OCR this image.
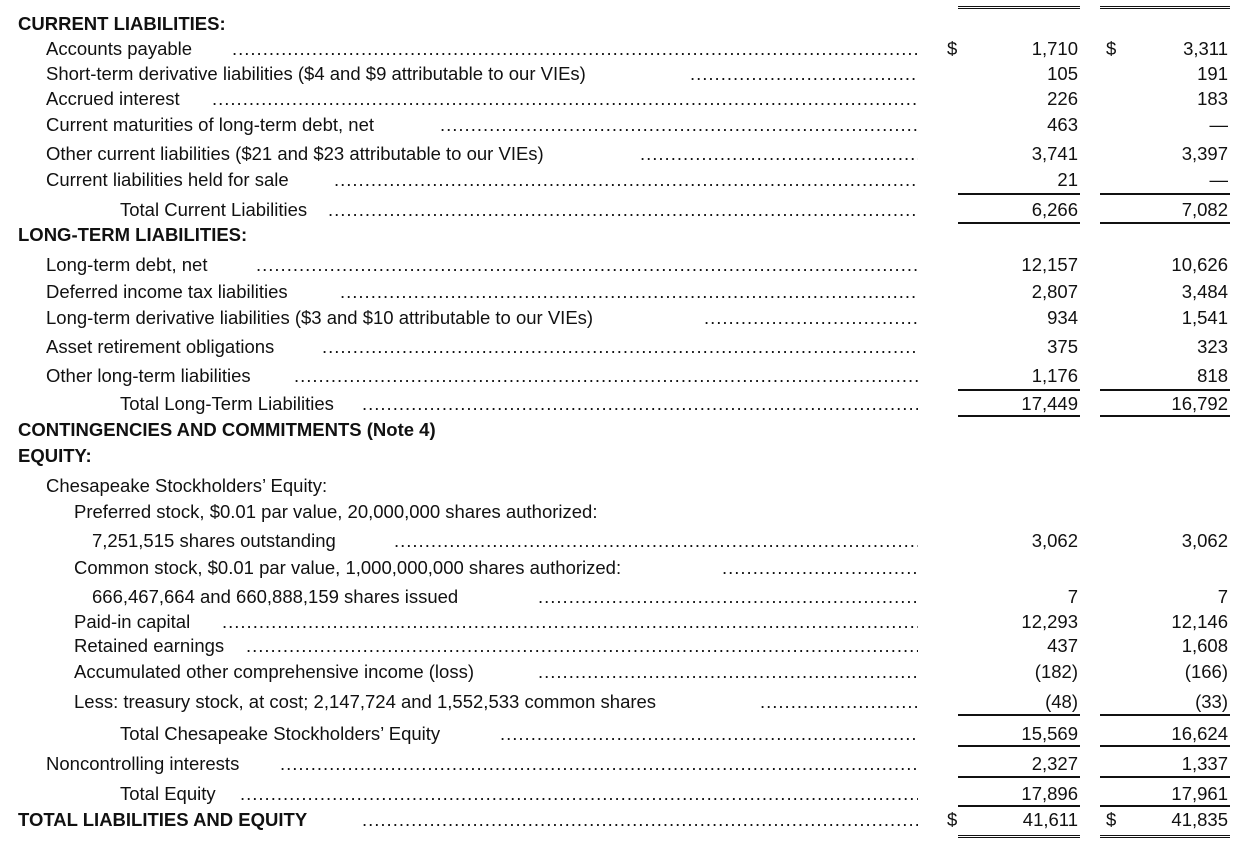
CURRENT LIABILITIES:
Accounts payable .....	$	1,710 $	3,311
Short-term derivative liabilities ($4 and $9 attributable to our VIEs) .....	105	191
Accrued interest .....	226	183
Current maturities of long-term debt, net .....	463	—
Other current liabilities ($21 and $23 attributable to our VIEs) .....	3,741	3,397
Current liabilities held for sale .....	21	—
Total Current Liabilities .....	6,266	7,082
LONG-TERM LIABILITIES:
Long-term debt, net .....	12,157	10,626
Deferred income tax liabilities .....	2,807	3,484
Long-term derivative liabilities ($3 and $10 attributable to our VIEs) .....	934	1,541
Asset retirement obligations .....	375	323
Other long-term liabilities .....	1,176	818
Total Long-Term Liabilities .....	17,449	16,792
CONTINGENCIES AND COMMITMENTS (Note 4)
EQUITY:
Chesapeake Stockholders’ Equity:
Preferred stock, $0.01 par value, 20,000,000 shares authorized:
7,251,515 shares outstanding .....	3,062	3,062
Common stock, $0.01 par value, 1,000,000,000 shares authorized:
.....
666,467,664 and 660,888,159 shares issued .....	7	7
Paid-in capital .....	12,293	12,146
Retained earnings .....	437	1,608
Accumulated other comprehensive income (loss) .....	(182)	(166)
Less: treasury stock, at cost; 2,147,724 and 1,552,533 common shares .....	(48)	(33)
Total Chesapeake Stockholders’ Equity .....	15,569	16,624
Noncontrolling interests .....	2,327	1,337
Total Equity .....	17,896	17,961
TOTAL LIABILITIES AND EQUITY .....	$	41,611 $	41,835
